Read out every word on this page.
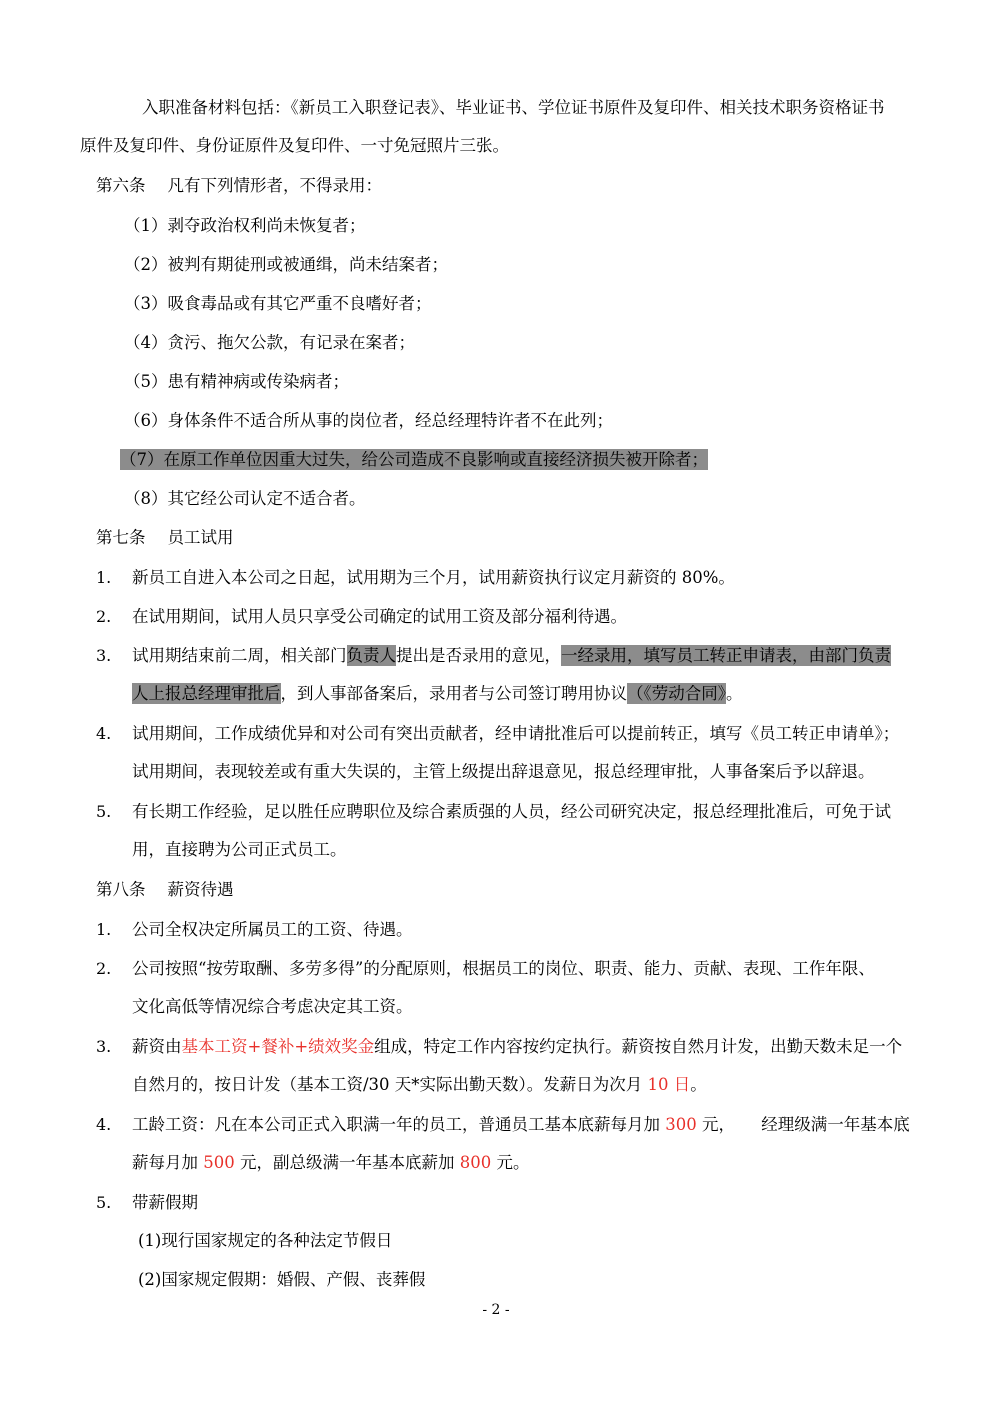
入职准备材料包括：《新员工入职登记表》、毕业证书、学位证书原件及复印件、相关技术职务资格证书
原件及复印件、身份证原件及复印件、一寸免冠照片三张。
第六条 凡有下列情形者，不得录用：
（1）剥夺政治权利尚未恢复者；
（2）被判有期徒刑或被通缉，尚未结案者；
（3）吸食毒品或有其它严重不良嗜好者；
（4）贪污、拖欠公款，有记录在案者；
（5）患有精神病或传染病者；
（6）身体条件不适合所从事的岗位者，经总经理特许者不在此列；
（7）在原工作单位因重大过失，给公司造成不良影响或直接经济损失被开除者；
（8）其它经公司认定不适合者。
第七条 员工试用
1. 新员工自进入本公司之日起，试用期为三个月，试用薪资执行议定月薪资的 80%。
2. 在试用期间，试用人员只享受公司确定的试用工资及部分福利待遇。
3. 试用期结束前二周，相关部门负责人提出是否录用的意见，一经录用，填写员工转正申请表，由部门负责
人上报总经理审批后，到人事部备案后，录用者与公司签订聘用协议（《劳动合同》。
4. 试用期间，工作成绩优异和对公司有突出贡献者，经申请批准后可以提前转正，填写《员工转正申请单》；
试用期间，表现较差或有重大失误的，主管上级提出辞退意见，报总经理审批，人事备案后予以辞退。
5. 有长期工作经验，足以胜任应聘职位及综合素质强的人员，经公司研究决定，报总经理批准后，可免于试
用，直接聘为公司正式员工。
第八条 薪资待遇
1. 公司全权决定所属员工的工资、待遇。
2. 公司按照“按劳取酬、多劳多得”的分配原则，根据员工的岗位、职责、能力、贡献、表现、工作年限、
文化高低等情况综合考虑决定其工资。
3. 薪资由基本工资+餐补+绩效奖金组成，特定工作内容按约定执行。薪资按自然月计发，出勤天数未足一个
自然月的，按日计发（基本工资/30 天*实际出勤天数）。发薪日为次月 10 日。
4. 工龄工资：凡在本公司正式入职满一年的员工，普通员工基本底薪每月加 300 元，     经理级满一年基本底
薪每月加 500 元，副总级满一年基本底薪加 800 元。
5. 带薪假期
(1)现行国家规定的各种法定节假日
(2)国家规定假期：婚假、产假、丧葬假
- 2 -
